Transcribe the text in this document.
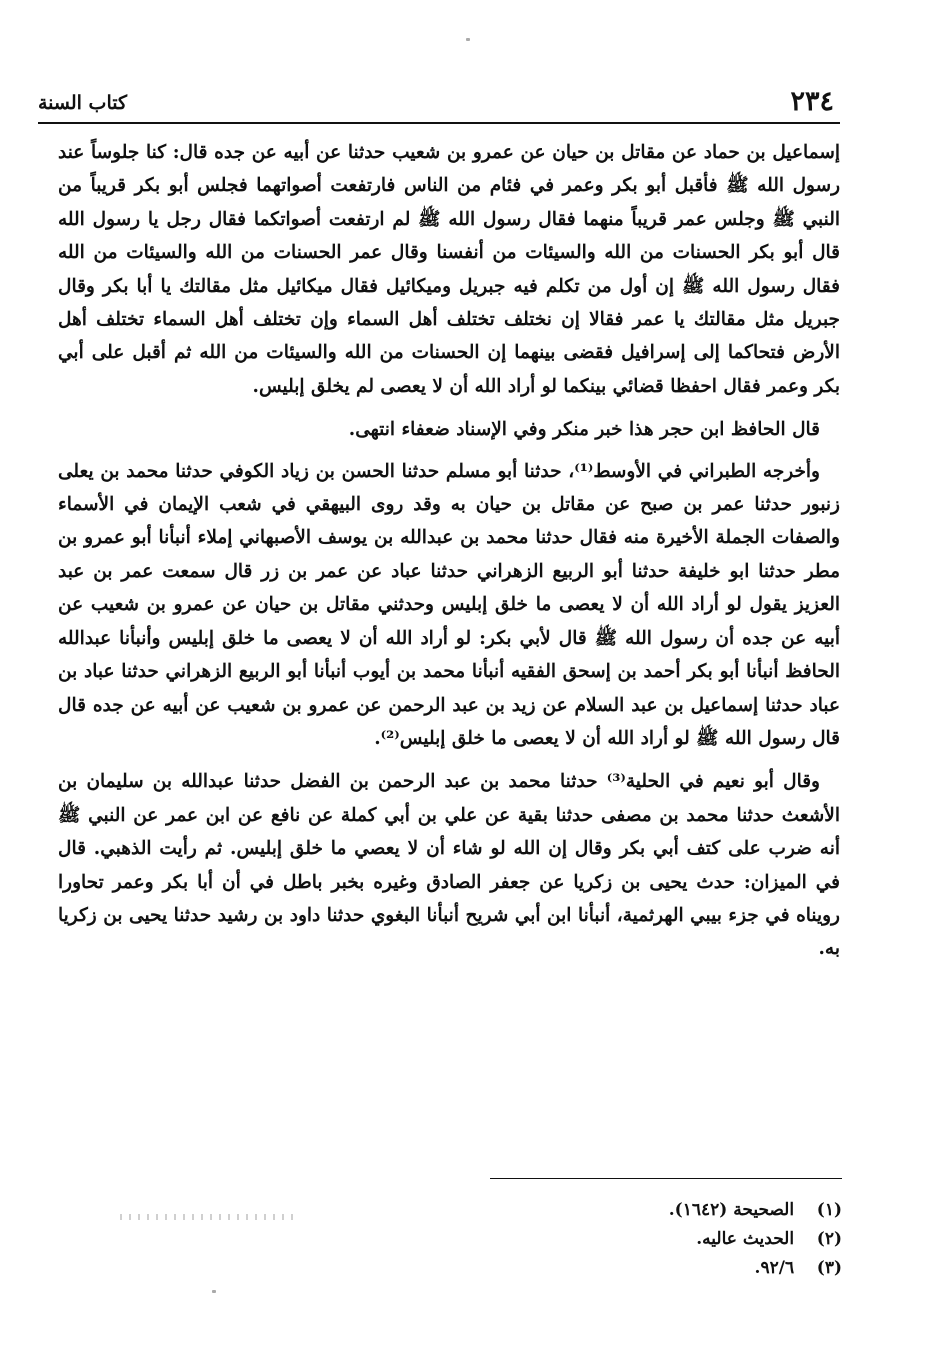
٢٣٤
كتاب السنة

إسماعيل بن حماد عن مقاتل بن حيان عن عمرو بن شعيب حدثنا عن أبيه عن جده قال: كنا جلوساً عند رسول الله ﷺ فأقبل أبو بكر وعمر في فئام من الناس فارتفعت أصواتهما فجلس أبو بكر قريباً من النبي ﷺ وجلس عمر قريباً منهما فقال رسول الله ﷺ لم ارتفعت أصواتكما فقال رجل يا رسول الله قال أبو بكر الحسنات من الله والسيئات من أنفسنا وقال عمر الحسنات من الله والسيئات من الله فقال رسول الله ﷺ إن أول من تكلم فيه جبريل وميكائيل فقال ميكائيل مثل مقالتك يا أبا بكر وقال جبريل مثل مقالتك يا عمر فقالا إن نختلف تختلف أهل السماء وإن تختلف أهل السماء تختلف أهل الأرض فتحاكما إلى إسرافيل فقضى بينهما إن الحسنات من الله والسيئات من الله ثم أقبل على أبي بكر وعمر فقال احفظا قضائي بينكما لو أراد الله أن لا يعصى لم يخلق إبليس.

قال الحافظ ابن حجر هذا خبر منكر وفي الإسناد ضعفاء انتهى.

وأخرجه الطبراني في الأوسط⁽¹⁾، حدثنا أبو مسلم حدثنا الحسن بن زياد الكوفي حدثنا محمد بن يعلى زنبور حدثنا عمر بن صبح عن مقاتل بن حيان به وقد روى البيهقي في شعب الإيمان في الأسماء والصفات الجملة الأخيرة منه فقال حدثنا محمد بن عبدالله بن يوسف الأصبهاني إملاء أنبأنا أبو عمرو بن مطر حدثنا ابو خليفة حدثنا أبو الربيع الزهراني حدثنا عباد عن عمر بن زر قال سمعت عمر بن عبد العزيز يقول لو أراد الله أن لا يعصى ما خلق إبليس وحدثني مقاتل بن حيان عن عمرو بن شعيب عن أبيه عن جده أن رسول الله ﷺ قال لأبي بكر: لو أراد الله أن لا يعصى ما خلق إبليس وأنبأنا عبدالله الحافظ أنبأنا أبو بكر أحمد بن إسحق الفقيه أنبأنا محمد بن أيوب أنبأنا أبو الربيع الزهراني حدثنا عباد بن عباد حدثنا إسماعيل بن عبد السلام عن زيد بن عبد الرحمن عن عمرو بن شعيب عن أبيه عن جده قال قال رسول الله ﷺ لو أراد الله أن لا يعصى ما خلق إبليس⁽²⁾.

وقال أبو نعيم في الحلية⁽³⁾ حدثنا محمد بن عبد الرحمن بن الفضل حدثنا عبدالله بن سليمان بن الأشعث حدثنا محمد بن مصفى حدثنا بقية عن علي بن أبي كملة عن نافع عن ابن عمر عن النبي ﷺ أنه ضرب على كتف أبي بكر وقال إن الله لو شاء أن لا يعصي ما خلق إبليس. ثم رأيت الذهبي. قال في الميزان: حدث يحيى بن زكريا عن جعفر الصادق وغيره بخبر باطل في أن أبا بكر وعمر تحاورا رويناه في جزء بيبي الهرثمية، أنبأنا ابن أبي شريح أنبأنا البغوي حدثنا داود بن رشيد حدثنا يحيى بن زكريا به.

(١) الصحيحة (١٦٤٢).
(٢) الحديث عاليه.
(٣) ٩٢/٦.
